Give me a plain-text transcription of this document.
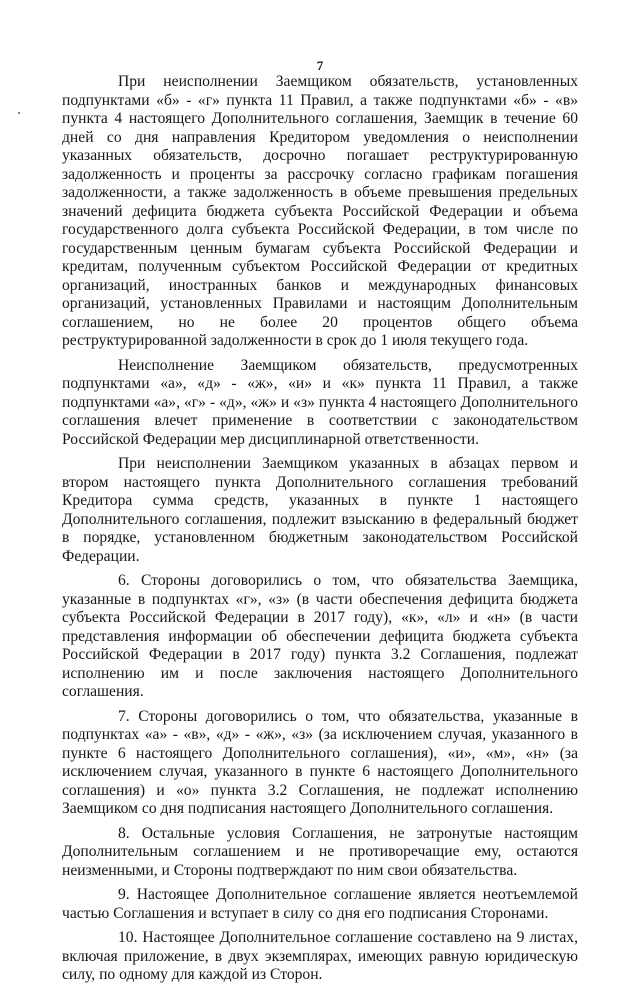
7

При неисполнении Заемщиком обязательств, установленных подпунктами «б» - «г» пункта 11 Правил, а также подпунктами «б» - «в» пункта 4 настоящего Дополнительного соглашения, Заемщик в течение 60 дней со дня направления Кредитором уведомления о неисполнении указанных обязательств, досрочно погашает реструктурированную задолженность и проценты за рассрочку согласно графикам погашения задолженности, а также задолженность в объеме превышения предельных значений дефицита бюджета субъекта Российской Федерации и объема государственного долга субъекта Российской Федерации, в том числе по государственным ценным бумагам субъекта Российской Федерации и кредитам, полученным субъектом Российской Федерации от кредитных организаций, иностранных банков и международных финансовых организаций, установленных Правилами и настоящим Дополнительным соглашением, но не более 20 процентов общего объема реструктурированной задолженности в срок до 1 июля текущего года.

Неисполнение Заемщиком обязательств, предусмотренных подпунктами «а», «д» - «ж», «и» и «к» пункта 11 Правил, а также подпунктами «а», «г» - «д», «ж» и «з» пункта 4 настоящего Дополнительного соглашения влечет применение в соответствии с законодательством Российской Федерации мер дисциплинарной ответственности.

При неисполнении Заемщиком указанных в абзацах первом и втором настоящего пункта Дополнительного соглашения требований Кредитора сумма средств, указанных в пункте 1 настоящего Дополнительного соглашения, подлежит взысканию в федеральный бюджет в порядке, установленном бюджетным законодательством Российской Федерации.

6. Стороны договорились о том, что обязательства Заемщика, указанные в подпунктах «г», «з» (в части обеспечения дефицита бюджета субъекта Российской Федерации в 2017 году), «к», «л» и «н» (в части представления информации об обеспечении дефицита бюджета субъекта Российской Федерации в 2017 году) пункта 3.2 Соглашения, подлежат исполнению им и после заключения настоящего Дополнительного соглашения.

7. Стороны договорились о том, что обязательства, указанные в подпунктах «а» - «в», «д» - «ж», «з» (за исключением случая, указанного в пункте 6 настоящего Дополнительного соглашения), «и», «м», «н» (за исключением случая, указанного в пункте 6 настоящего Дополнительного соглашения) и «о» пункта 3.2 Соглашения, не подлежат исполнению Заемщиком со дня подписания настоящего Дополнительного соглашения.

8. Остальные условия Соглашения, не затронутые настоящим Дополнительным соглашением и не противоречащие ему, остаются неизменными, и Стороны подтверждают по ним свои обязательства.

9. Настоящее Дополнительное соглашение является неотъемлемой частью Соглашения и вступает в силу со дня его подписания Сторонами.

10. Настоящее Дополнительное соглашение составлено на 9 листах, включая приложение, в двух экземплярах, имеющих равную юридическую силу, по одному для каждой из Сторон.
